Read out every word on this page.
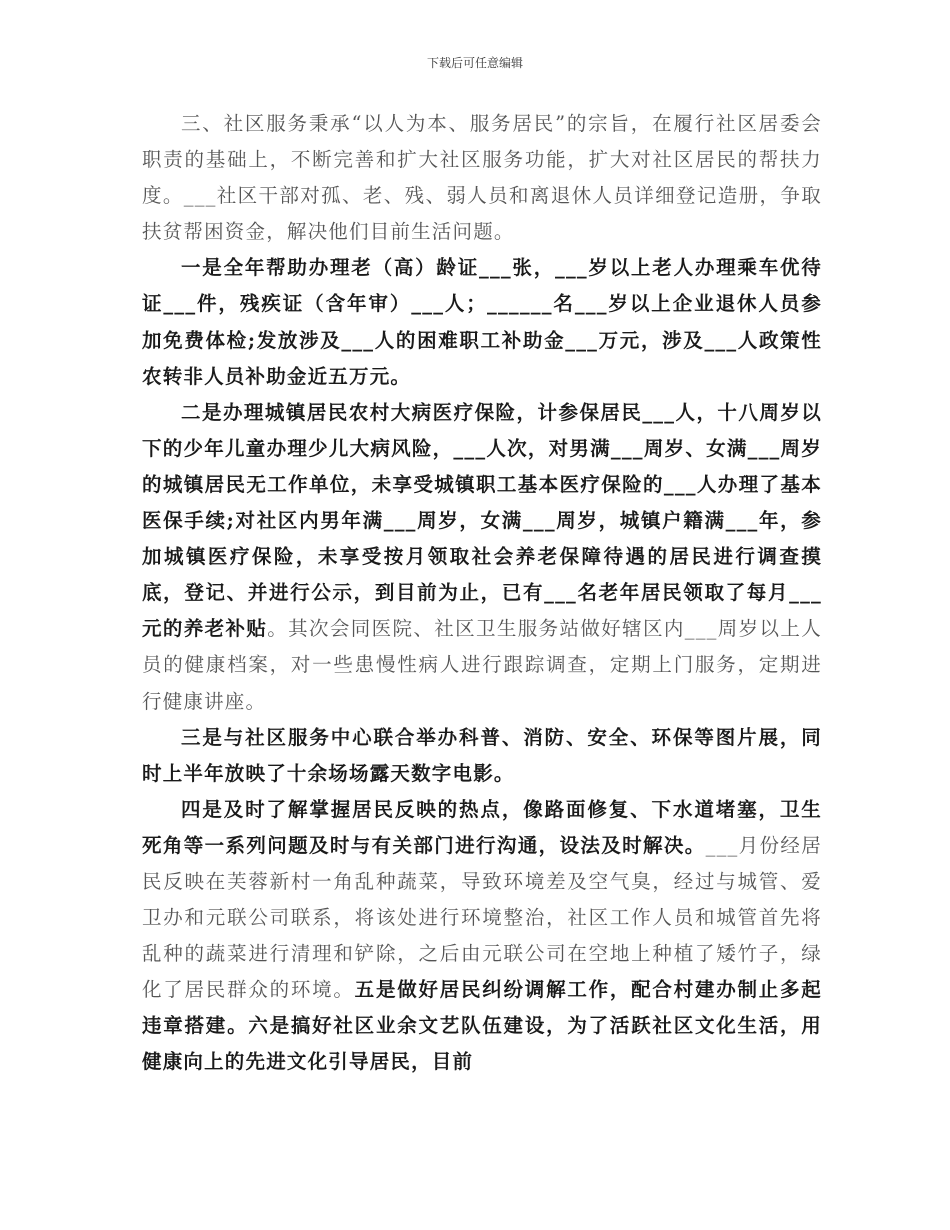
下载后可任意编辑

三、社区服务秉承“以人为本、服务居民”的宗旨，在履行社区居委会职责的基础上，不断完善和扩大社区服务功能，扩大对社区居民的帮扶力度。___社区干部对孤、老、残、弱人员和离退休人员详细登记造册，争取扶贫帮困资金，解决他们目前生活问题。

一是全年帮助办理老（高）龄证___张，___岁以上老人办理乘车优待证___件，残疾证（含年审）___人；______名___岁以上企业退休人员参加免费体检;发放涉及___人的困难职工补助金___万元，涉及___人政策性农转非人员补助金近五万元。

二是办理城镇居民农村大病医疗保险，计参保居民___人，十八周岁以下的少年儿童办理少儿大病风险，___人次，对男满___周岁、女满___周岁的城镇居民无工作单位，未享受城镇职工基本医疗保险的___人办理了基本医保手续;对社区内男年满___周岁，女满___周岁，城镇户籍满___年，参加城镇医疗保险，未享受按月领取社会养老保障待遇的居民进行调查摸底，登记、并进行公示，到目前为止，已有___名老年居民领取了每月___元的养老补贴。其次会同医院、社区卫生服务站做好辖区内___周岁以上人员的健康档案，对一些患慢性病人进行跟踪调查，定期上门服务，定期进行健康讲座。

三是与社区服务中心联合举办科普、消防、安全、环保等图片展，同时上半年放映了十余场场露天数字电影。

四是及时了解掌握居民反映的热点，像路面修复、下水道堵塞，卫生死角等一系列问题及时与有关部门进行沟通，设法及时解决。___月份经居民反映在芙蓉新村一角乱种蔬菜，导致环境差及空气臭，经过与城管、爱卫办和元联公司联系，将该处进行环境整治，社区工作人员和城管首先将乱种的蔬菜进行清理和铲除，之后由元联公司在空地上种植了矮竹子，绿化了居民群众的环境。五是做好居民纠纷调解工作，配合村建办制止多起违章搭建。六是搞好社区业余文艺队伍建设，为了活跃社区文化生活，用健康向上的先进文化引导居民，目前
